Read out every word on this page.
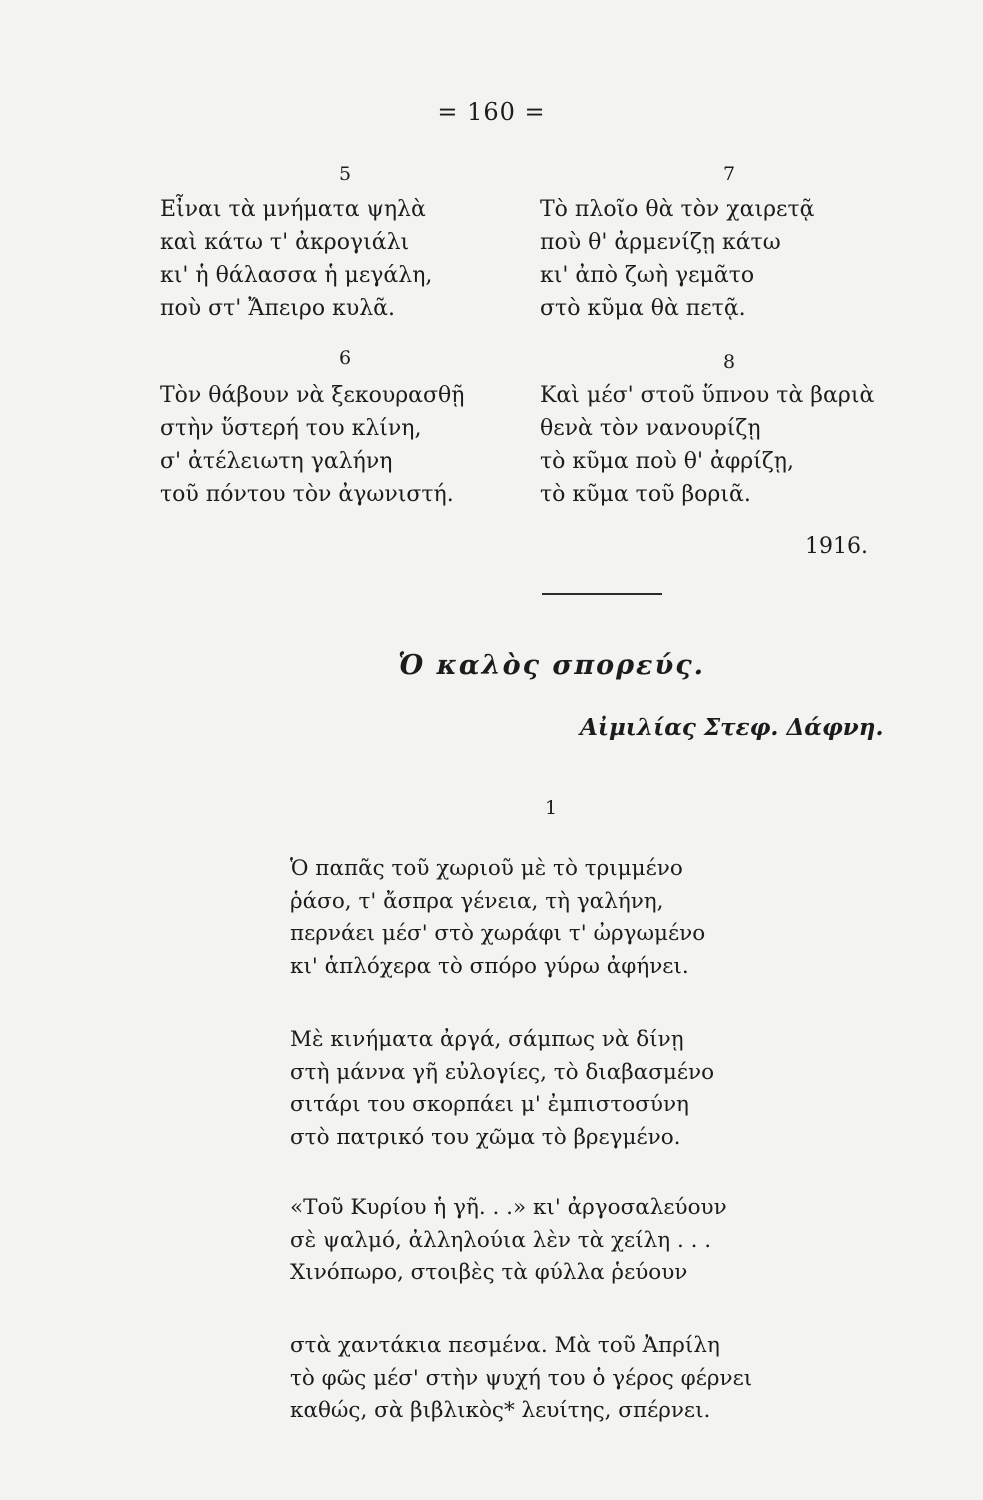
= 160 =
5
Εἶναι τὰ μνήματα ψηλὰ
καὶ κάτω τ' ἀκρογιάλι
κι' ἡ θάλασσα ἡ μεγάλη,
ποὺ στ' Ἄπειρο κυλᾶ.
6
Τὸν θάβουν νὰ ξεκουρασθῇ
στὴν ὕστερή του κλίνη,
σ' ἀτέλειωτη γαλήνη
τοῦ πόντου τὸν ἀγωνιστή.
7
Τὸ πλοῖο θὰ τὸν χαιρετᾷ
ποὺ θ' ἀρμενίζῃ κάτω
κι' ἀπὸ ζωὴ γεμᾶτο
στὸ κῦμα θὰ πετᾷ.
8
Καὶ μέσ' στοῦ ὕπνου τὰ βαριὰ
θενὰ τὸν νανουρίζῃ
τὸ κῦμα ποὺ θ' ἀφρίζῃ,
τὸ κῦμα τοῦ βοριᾶ.
1916.
Ὁ καλὸς σπορεύς.
Αἰμιλίας Στεφ. Δάφνη.
1
Ὁ παπᾶς τοῦ χωριοῦ μὲ τὸ τριμμένο
ῥάσο, τ' ἄσπρα γένεια, τὴ γαλήνη,
περνάει μέσ' στὸ χωράφι τ' ὠργωμένο
κι' ἁπλόχερα τὸ σπόρο γύρω ἀφήνει.
Μὲ κινήματα ἀργά, σάμπως νὰ δίνῃ
στὴ μάννα γῆ εὐλογίες, τὸ διαβασμένο
σιτάρι του σκορπάει μ' ἐμπιστοσύνη
στὸ πατρικό του χῶμα τὸ βρεγμένο.
«Τοῦ Κυρίου ἡ γῆ. . .» κι' ἀργοσαλεύουν
σὲ ψαλμό, ἀλληλούια λὲν τὰ χείλη . . .
Χινόπωρο, στοιβὲς τὰ φύλλα ῥεύουν
στὰ χαντάκια πεσμένα. Μὰ τοῦ Ἀπρίλη
τὸ φῶς μέσ' στὴν ψυχή του ὁ γέρος φέρνει
καθώς, σὰ βιβλικὸς* λευίτης, σπέρνει.
